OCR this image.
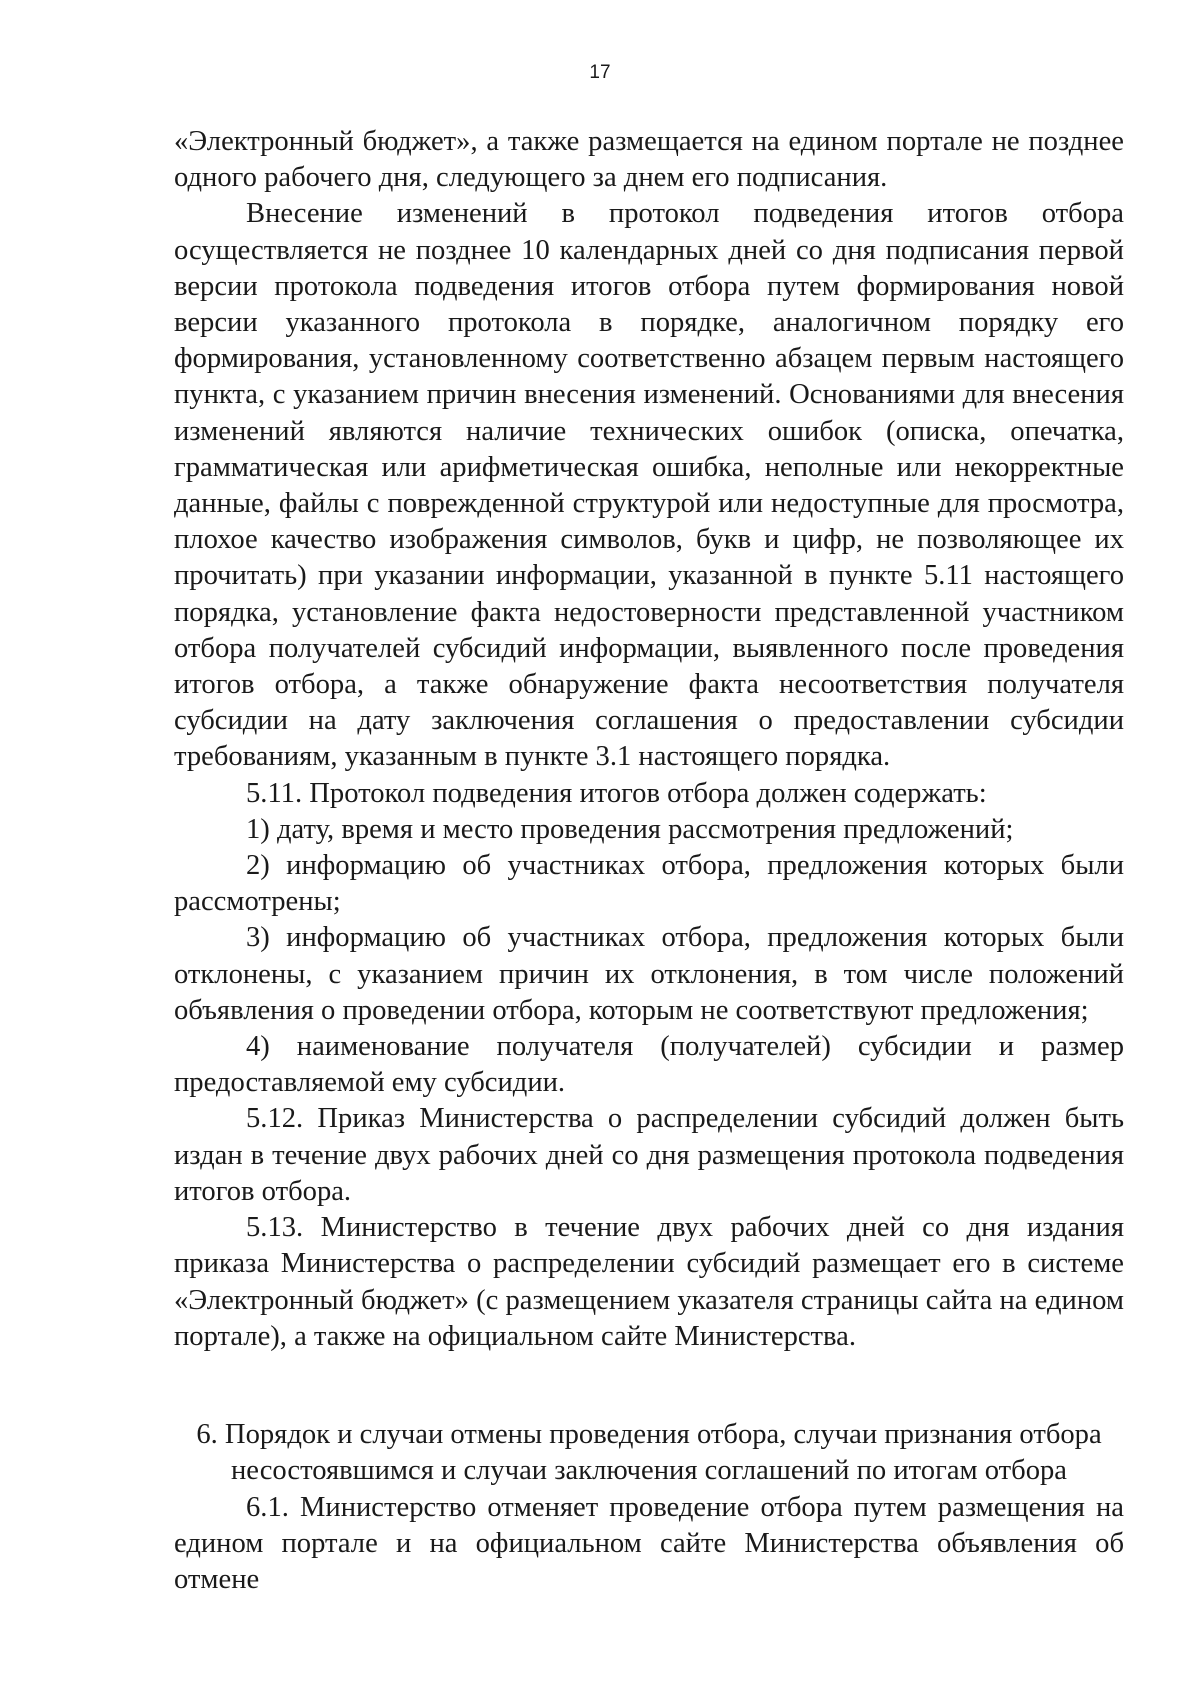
17

«Электронный бюджет», а также размещается на едином портале не позднее одного рабочего дня, следующего за днем его подписания.

Внесение изменений в протокол подведения итогов отбора осуществляется не позднее 10 календарных дней со дня подписания первой версии протокола подведения итогов отбора путем формирования новой версии указанного протокола в порядке, аналогичном порядку его формирования, установленному соответственно абзацем первым настоящего пункта, с указанием причин внесения изменений. Основаниями для внесения изменений являются наличие технических ошибок (описка, опечатка, грамматическая или арифметическая ошибка, неполные или некорректные данные, файлы с поврежденной структурой или недоступные для просмотра, плохое качество изображения символов, букв и цифр, не позволяющее их прочитать) при указании информации, указанной в пункте 5.11 настоящего порядка, установление факта недостоверности представленной участником отбора получателей субсидий информации, выявленного после проведения итогов отбора, а также обнаружение факта несоответствия получателя субсидии на дату заключения соглашения о предоставлении субсидии требованиям, указанным в пункте 3.1 настоящего порядка.

5.11. Протокол подведения итогов отбора должен содержать:

1) дату, время и место проведения рассмотрения предложений;

2) информацию об участниках отбора, предложения которых были рассмотрены;

3) информацию об участниках отбора, предложения которых были отклонены, с указанием причин их отклонения, в том числе положений объявления о проведении отбора, которым не соответствуют предложения;

4) наименование получателя (получателей) субсидии и размер предоставляемой ему субсидии.

5.12. Приказ Министерства о распределении субсидий должен быть издан в течение двух рабочих дней со дня размещения протокола подведения итогов отбора.

5.13. Министерство в течение двух рабочих дней со дня издания приказа Министерства о распределении субсидий размещает его в системе «Электронный бюджет» (с размещением указателя страницы сайта на едином портале), а также на официальном сайте Министерства.

6. Порядок и случаи отмены проведения отбора, случаи признания отбора
несостоявшимся и случаи заключения соглашений по итогам отбора

6.1. Министерство отменяет проведение отбора путем размещения на едином портале и на официальном сайте Министерства объявления об отмене
